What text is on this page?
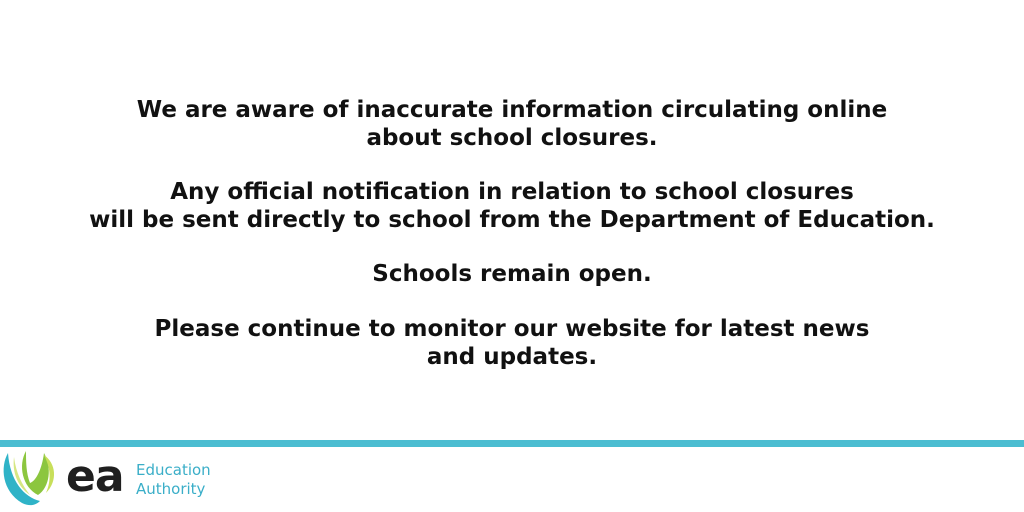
We are aware of inaccurate information circulating online
about school closures.

Any official notification in relation to school closures
will be sent directly to school from the Department of Education.

Schools remain open.

Please continue to monitor our website for latest news
and updates.

ea Education
Authority
